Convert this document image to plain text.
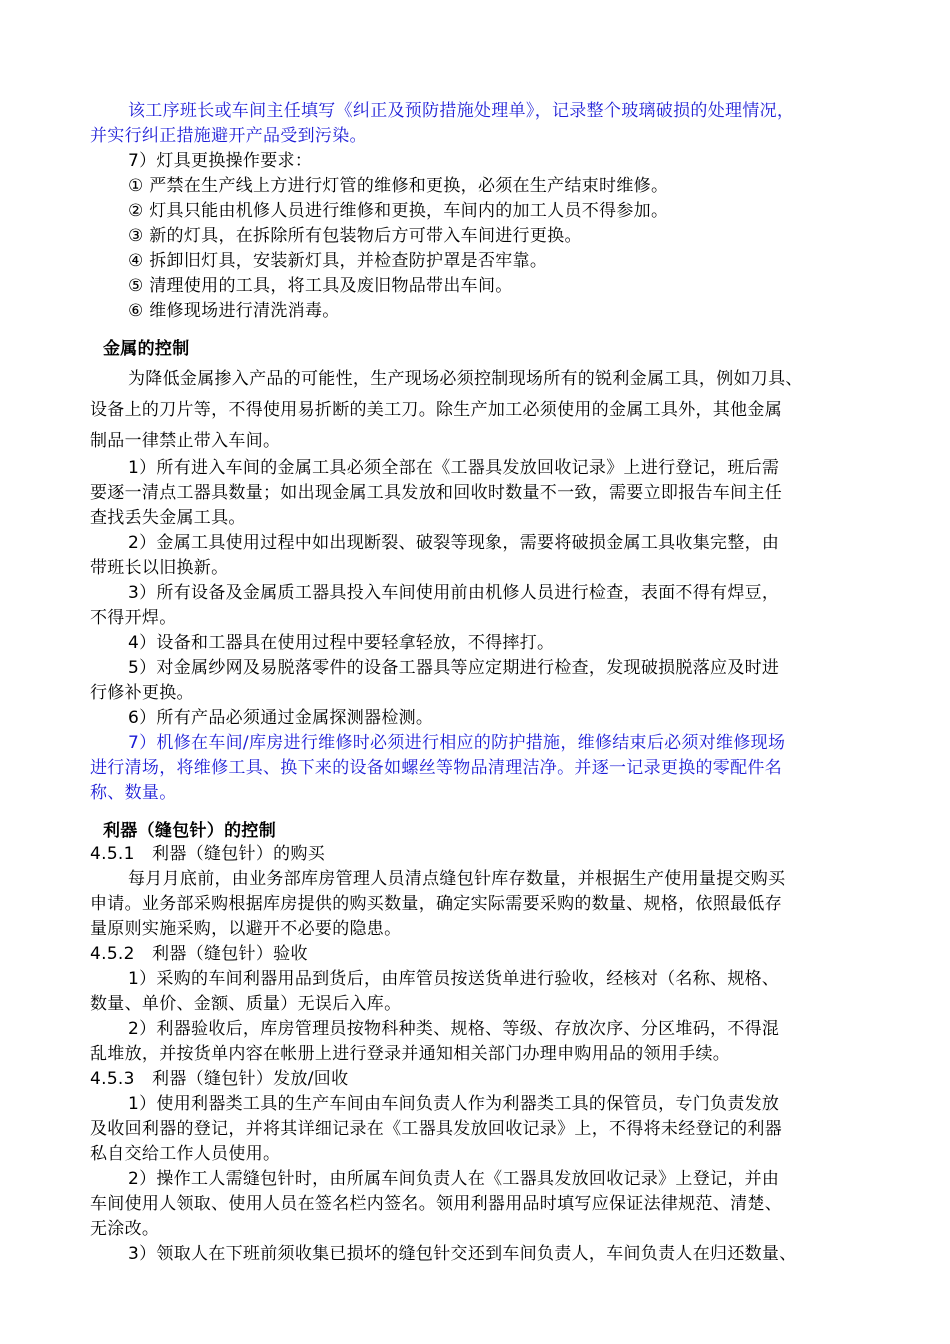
该工序班长或车间主任填写《纠正及预防措施处理单》，记录整个玻璃破损的处理情况，
并实行纠正措施避开产品受到污染。
7）灯具更换操作要求：
① 严禁在生产线上方进行灯管的维修和更换，必须在生产结束时维修。
② 灯具只能由机修人员进行维修和更换，车间内的加工人员不得参加。
③ 新的灯具，在拆除所有包装物后方可带入车间进行更换。
④ 拆卸旧灯具，安装新灯具，并检查防护罩是否牢靠。
⑤ 清理使用的工具，将工具及废旧物品带出车间。
⑥ 维修现场进行清洗消毒。
金属的控制
为降低金属掺入产品的可能性，生产现场必须控制现场所有的锐利金属工具，例如刀具、
设备上的刀片等，不得使用易折断的美工刀。除生产加工必须使用的金属工具外，其他金属
制品一律禁止带入车间。
1）所有进入车间的金属工具必须全部在《工器具发放回收记录》上进行登记，班后需
要逐一清点工器具数量；如出现金属工具发放和回收时数量不一致，需要立即报告车间主任
查找丢失金属工具。
2）金属工具使用过程中如出现断裂、破裂等现象，需要将破损金属工具收集完整，由
带班长以旧换新。
3）所有设备及金属质工器具投入车间使用前由机修人员进行检查，表面不得有焊豆，
不得开焊。
4）设备和工器具在使用过程中要轻拿轻放，不得摔打。
5）对金属纱网及易脱落零件的设备工器具等应定期进行检查，发现破损脱落应及时进
行修补更换。
6）所有产品必须通过金属探测器检测。
7）机修在车间/库房进行维修时必须进行相应的防护措施，维修结束后必须对维修现场
进行清场，将维修工具、换下来的设备如螺丝等物品清理洁净。并逐一记录更换的零配件名
称、数量。
利器（缝包针）的控制
4.5.1　利器（缝包针）的购买
每月月底前，由业务部库房管理人员清点缝包针库存数量，并根据生产使用量提交购买
申请。业务部采购根据库房提供的购买数量，确定实际需要采购的数量、规格，依照最低存
量原则实施采购，以避开不必要的隐患。
4.5.2　利器（缝包针）验收
1）采购的车间利器用品到货后，由库管员按送货单进行验收，经核对（名称、规格、
数量、单价、金额、质量）无误后入库。
2）利器验收后，库房管理员按物科种类、规格、等级、存放次序、分区堆码，不得混
乱堆放，并按货单内容在帐册上进行登录并通知相关部门办理申购用品的领用手续。
4.5.3　利器（缝包针）发放/回收
1）使用利器类工具的生产车间由车间负责人作为利器类工具的保管员，专门负责发放
及收回利器的登记，并将其详细记录在《工器具发放回收记录》上，不得将未经登记的利器
私自交给工作人员使用。
2）操作工人需缝包针时，由所属车间负责人在《工器具发放回收记录》上登记，并由
车间使用人领取、使用人员在签名栏内签名。领用利器用品时填写应保证法律规范、清楚、
无涂改。
3）领取人在下班前须收集已损坏的缝包针交还到车间负责人，车间负责人在归还数量、
